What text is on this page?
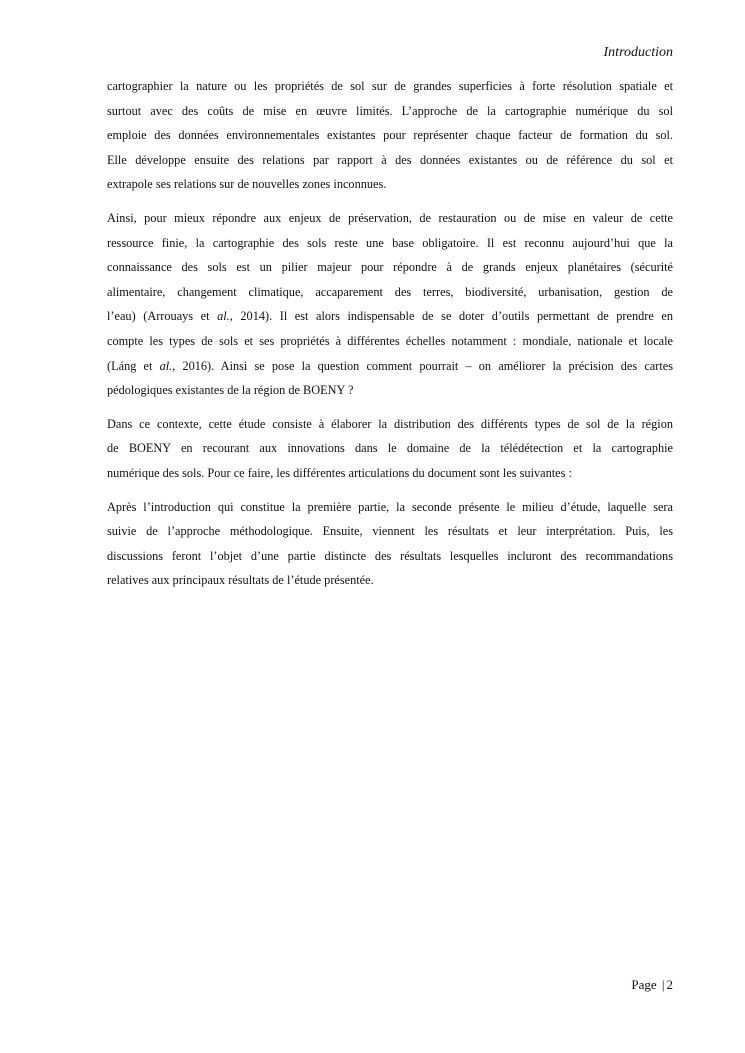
Introduction

cartographier la nature ou les propriétés de sol sur de grandes superficies à forte résolution spatiale et
surtout avec des coûts de mise en œuvre limités. L’approche de la cartographie numérique du sol
emploie des données environnementales existantes pour représenter chaque facteur de formation du sol.
Elle développe ensuite des relations par rapport à des données existantes ou de référence du sol et
extrapole ses relations sur de nouvelles zones inconnues.

Ainsi, pour mieux répondre aux enjeux de préservation, de restauration ou de mise en valeur de cette
ressource finie, la cartographie des sols reste une base obligatoire. Il est reconnu aujourd’hui que la
connaissance des sols est un pilier majeur pour répondre à de grands enjeux planétaires (sécurité
alimentaire, changement climatique, accaparement des terres, biodiversité, urbanisation, gestion de
l’eau) (Arrouays et al., 2014). Il est alors indispensable de se doter d’outils permettant de prendre en
compte les types de sols et ses propriétés à différentes échelles notamment : mondiale, nationale et locale
(Láng et al., 2016). Ainsi se pose la question comment pourrait – on améliorer la précision des cartes
pédologiques existantes de la région de BOENY ?

Dans ce contexte, cette étude consiste à élaborer la distribution des différents types de sol de la région
de BOENY en recourant aux innovations dans le domaine de la télédétection et la cartographie
numérique des sols. Pour ce faire, les différentes articulations du document sont les suivantes :

Après l’introduction qui constitue la première partie, la seconde présente le milieu d’étude, laquelle sera
suivie de l’approche méthodologique. Ensuite, viennent les résultats et leur interprétation. Puis, les
discussions feront l’objet d’une partie distincte des résultats lesquelles incluront des recommandations
relatives aux principaux résultats de l’étude présentée.

Page | 2
